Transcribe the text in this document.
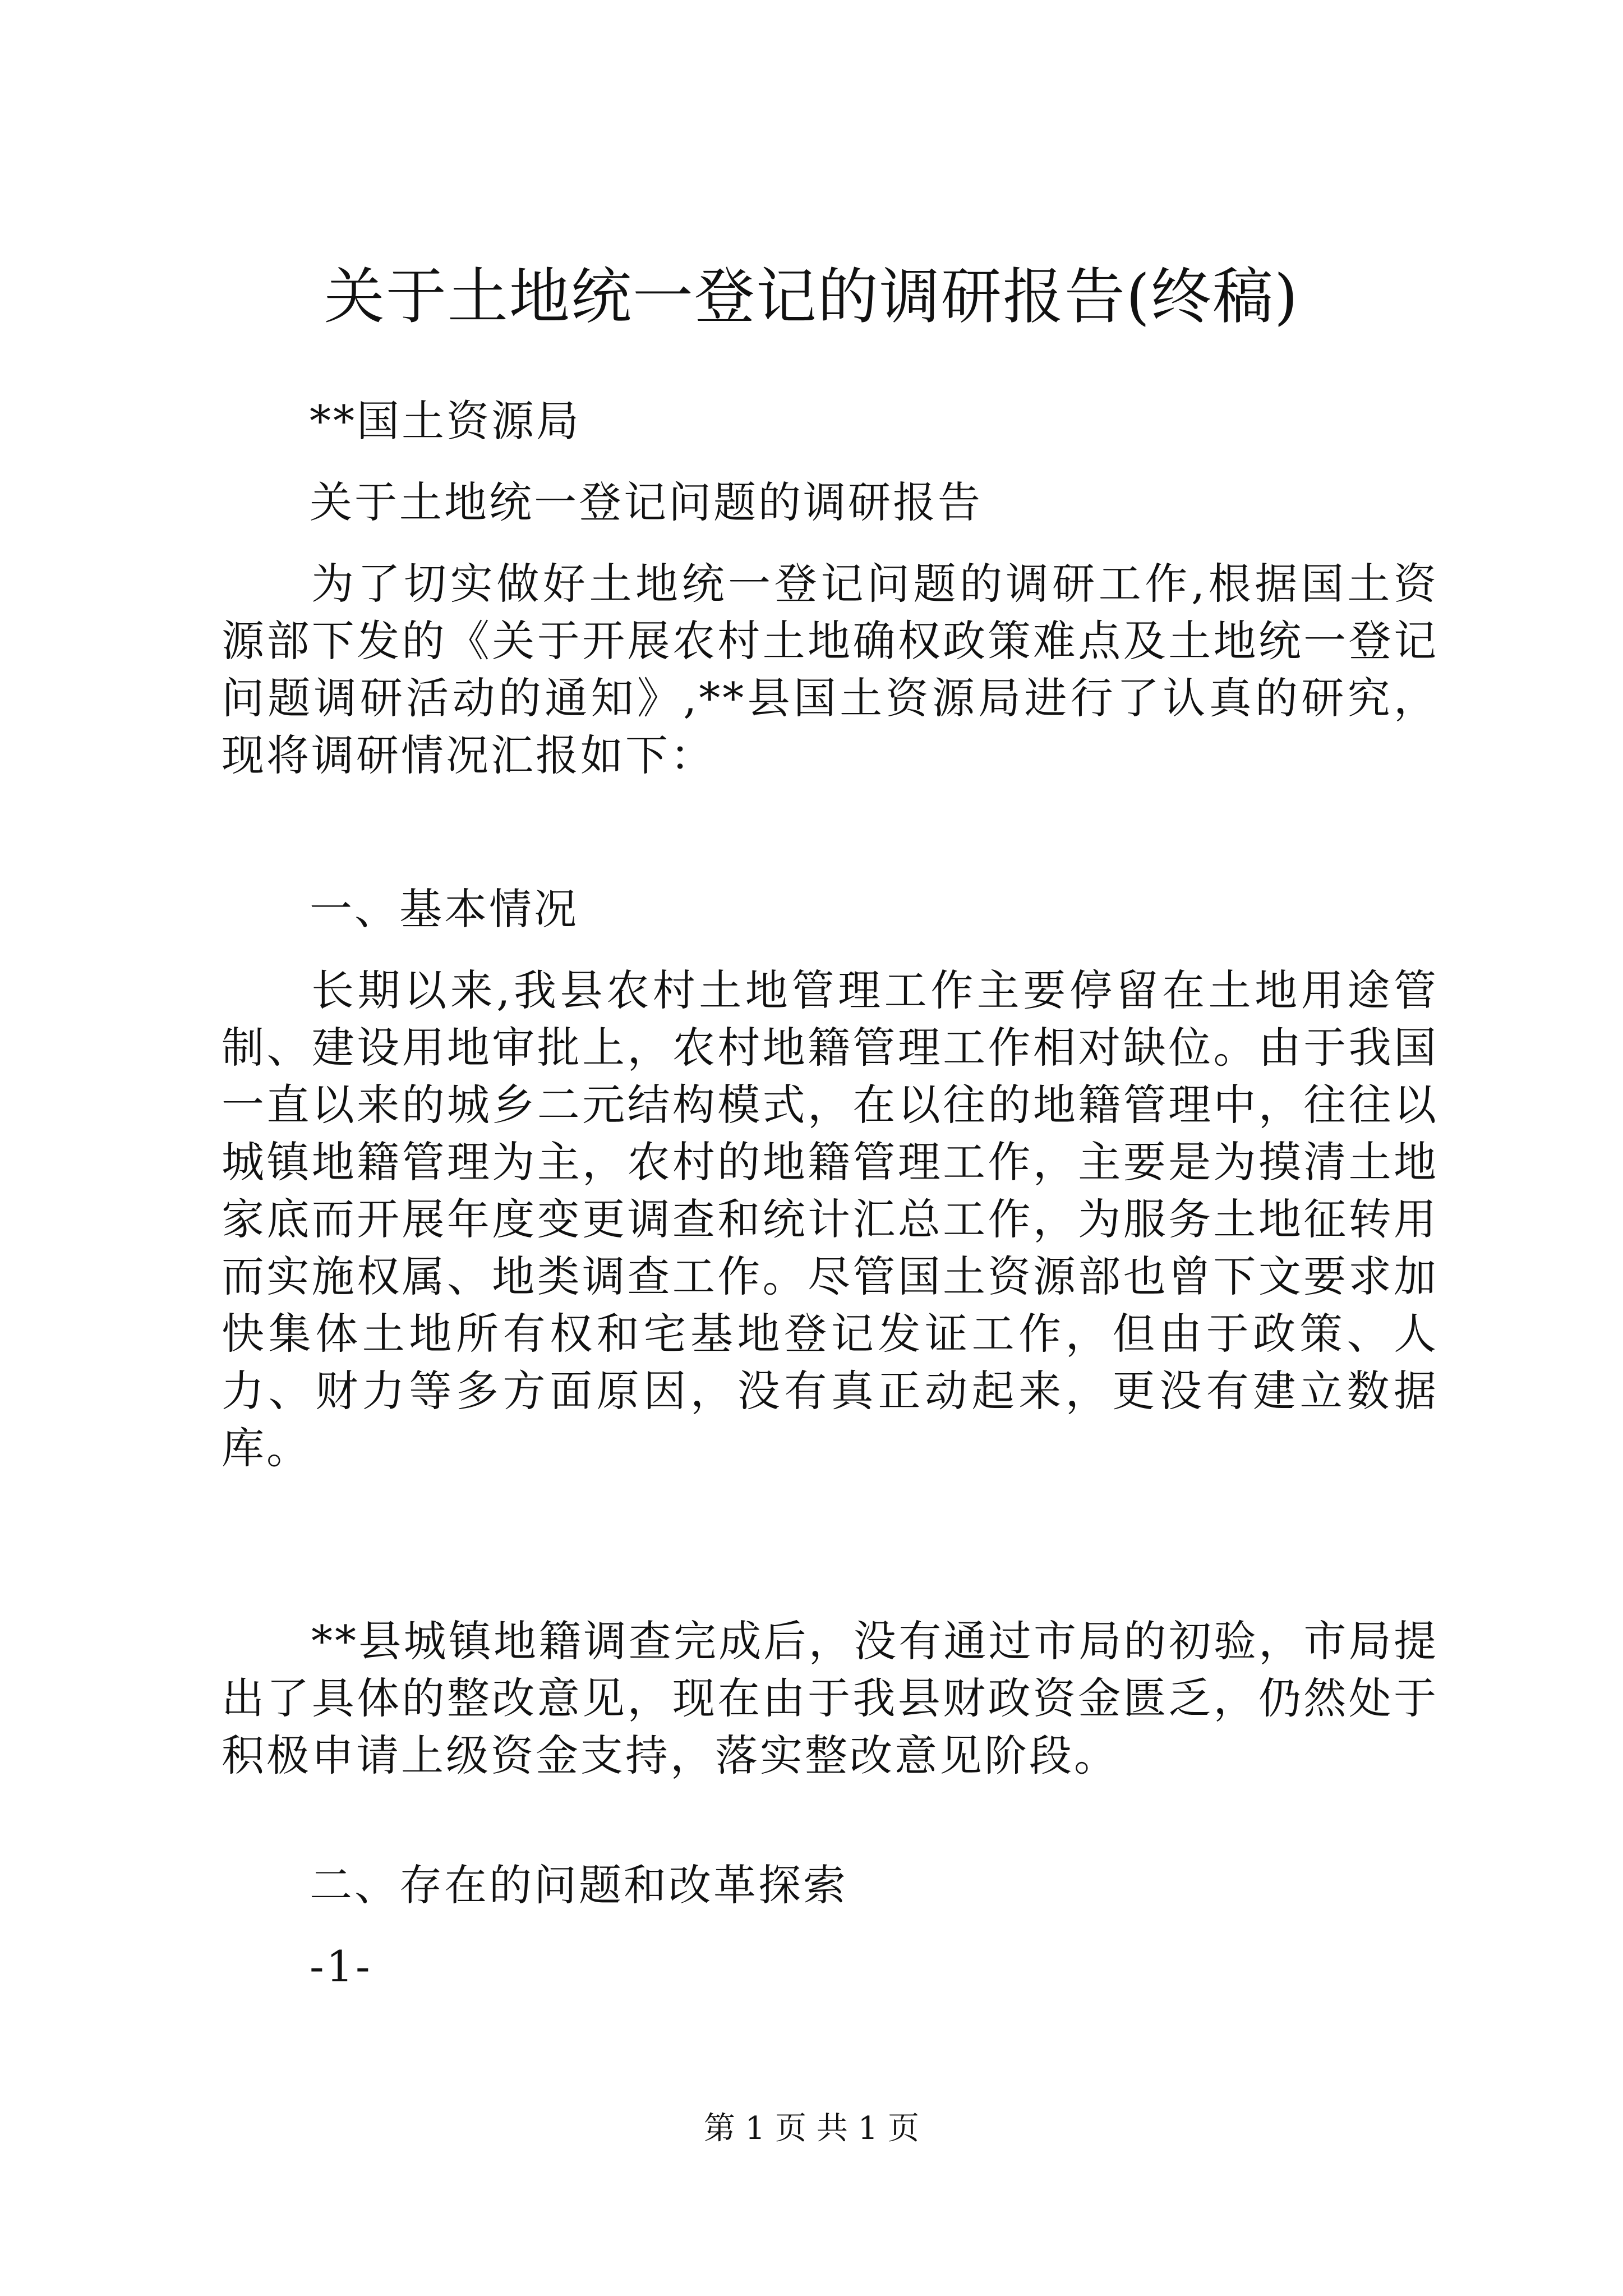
关于土地统一登记的调研报告(终稿)

**国土资源局

关于土地统一登记问题的调研报告

为了切实做好土地统一登记问题的调研工作,根据国土资源部下发的《关于开展农村土地确权政策难点及土地统一登记问题调研活动的通知》,**县国土资源局进行了认真的研究，现将调研情况汇报如下：

一、基本情况

长期以来,我县农村土地管理工作主要停留在土地用途管制、建设用地审批上，农村地籍管理工作相对缺位。由于我国一直以来的城乡二元结构模式，在以往的地籍管理中，往往以城镇地籍管理为主，农村的地籍管理工作，主要是为摸清土地家底而开展年度变更调查和统计汇总工作，为服务土地征转用而实施权属、地类调查工作。尽管国土资源部也曾下文要求加快集体土地所有权和宅基地登记发证工作，但由于政策、人力、财力等多方面原因，没有真正动起来，更没有建立数据库。

**县城镇地籍调查完成后，没有通过市局的初验，市局提出了具体的整改意见，现在由于我县财政资金匮乏，仍然处于积极申请上级资金支持，落实整改意见阶段。

二、存在的问题和改革探索

-1-

第 1 页 共 1 页
